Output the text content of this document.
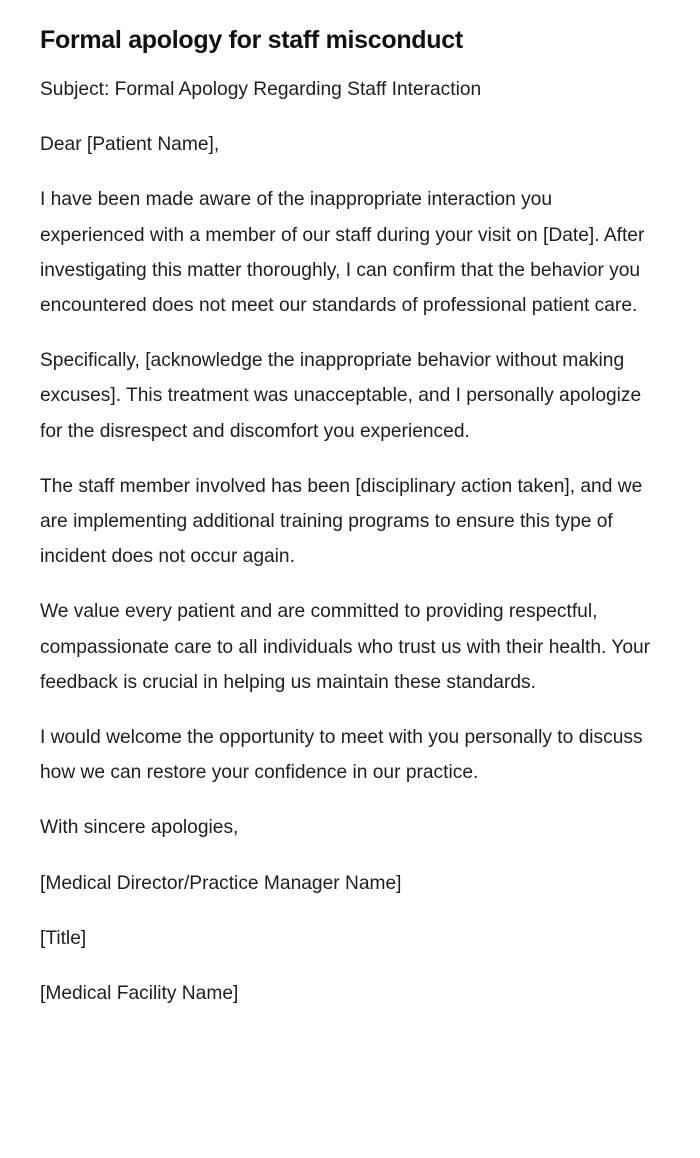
Formal apology for staff misconduct

Subject: Formal Apology Regarding Staff Interaction

Dear [Patient Name],

I have been made aware of the inappropriate interaction you experienced with a member of our staff during your visit on [Date]. After investigating this matter thoroughly, I can confirm that the behavior you encountered does not meet our standards of professional patient care.

Specifically, [acknowledge the inappropriate behavior without making excuses]. This treatment was unacceptable, and I personally apologize for the disrespect and discomfort you experienced.

The staff member involved has been [disciplinary action taken], and we are implementing additional training programs to ensure this type of incident does not occur again.

We value every patient and are committed to providing respectful, compassionate care to all individuals who trust us with their health. Your feedback is crucial in helping us maintain these standards.

I would welcome the opportunity to meet with you personally to discuss how we can restore your confidence in our practice.

With sincere apologies,

[Medical Director/Practice Manager Name]

[Title]

[Medical Facility Name]
